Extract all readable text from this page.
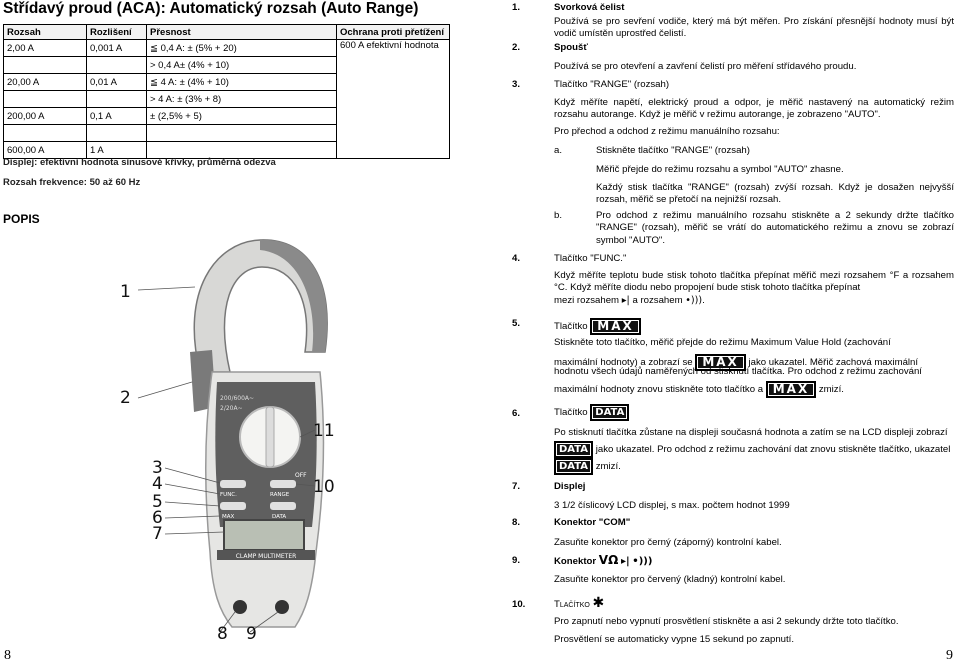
Střídavý proud (ACA): Automatický rozsah (Auto Range)
Rozsah	Rozlišení	Přesnost	Ochrana proti přetížení
2,00 A	0,001 A	≦ 0,4 A: ± (5% + 20)	600 A efektivní hodnota
		> 0,4 A± (4% + 10)	
20,00 A	0,01 A	≦ 4 A: ± (4% + 10)	
		> 4 A: ± (3% + 8)	
200,00 A	0,1 A	± (2,5% + 5)	

600,00 A	1 A		
Displej: efektivní hodnota sinusové křivky, průměrná odezva
Rozsah frekvence: 50 až 60 Hz
POPIS
200/600A~
2/20A~
OFF
FUNC.	RANGE
MAX	DATA
CLAMP MULTIMETER
1
2
3
4
5
6
7
8 9
10
11
8
1.	Svorková čelist
Používá se pro sevření vodiče, který má být měřen. Pro získání přesnější hodnoty musí být vodič umístěn uprostřed čelistí.
2.	Spoušť
Používá se pro otevření a zavření čelistí pro měření střídavého proudu.
3.	Tlačítko "RANGE" (rozsah)
Když měříte napětí, elektrický proud a odpor, je měřič nastavený na automatický režim rozsahu autorange. Když je měřič v režimu autorange, je zobrazeno "AUTO".
Pro přechod a odchod z režimu manuálního rozsahu:
a.	Stiskněte tlačítko "RANGE" (rozsah)
Měřič přejde do režimu rozsahu a symbol "AUTO" zhasne.
Každý stisk tlačítka "RANGE" (rozsah) zvýší rozsah. Když je dosažen nejvyšší rozsah, měřič se přetočí na nejnižší rozsah.
b.	Pro odchod z režimu manuálního rozsahu stiskněte a 2 sekundy držte tlačítko "RANGE" (rozsah), měřič se vrátí do automatického režimu a znovu se zobrazí symbol "AUTO".
4.	Tlačítko "FUNC."
Když měříte teplotu bude stisk tohoto tlačítka přepínat měřič mezi rozsahem °F a rozsahem °C. Když měříte diodu nebo propojení bude stisk tohoto tlačítka přepínat
mezi rozsahem ▸| a rozsahem •))).
5.	Tlačítko MAX
Stiskněte toto tlačítko, měřič přejde do režimu Maximum Value Hold (zachování
maximální hodnoty) a zobrazí se MAX jako ukazatel. Měřič zachová maximální
hodnotu všech údajů naměřených od stisknutí tlačítka. Pro odchod z režimu zachování
maximální hodnoty znovu stiskněte toto tlačítko a MAX zmizí.
6.	Tlačítko DATA
Po stisknutí tlačítka zůstane na displeji současná hodnota a zatím se na LCD displeji zobrazí
DATA jako ukazatel. Pro odchod z režimu zachování dat znovu stiskněte tlačítko, ukazatel
DATA zmizí.
7.	Displej
3 1/2 číslicový LCD displej, s max. počtem hodnot 1999
8.	Konektor "COM"
Zasuňte konektor pro černý (záporný) kontrolní kabel.
9.	Konektor VΩ ▸| •)))
Zasuňte konektor pro červený (kladný) kontrolní kabel.
10.	Tlačítko ✱
Pro zapnutí nebo vypnutí prosvětlení stiskněte a asi 2 sekundy držte toto tlačítko.
Prosvětlení se automaticky vypne 15 sekund po zapnutí.
9
